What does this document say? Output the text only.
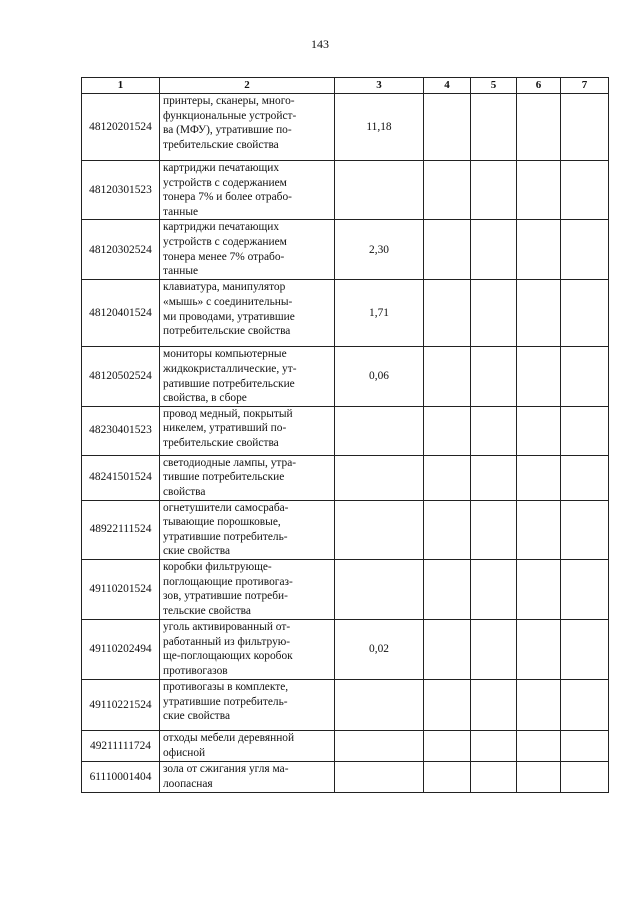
143
1	2	3	4	5	6	7
48120201524	принтеры, сканеры, много-
функциональные устройст-
ва (МФУ), утратившие по-
требительские свойства	11,18				
48120301523	картриджи печатающих
устройств с содержанием
тонера 7% и более отрабо-
танные					
48120302524	картриджи печатающих
устройств с содержанием
тонера менее 7% отрабо-
танные	2,30				
48120401524	клавиатура, манипулятор
«мышь» с соединительны-
ми проводами, утратившие
потребительские свойства	1,71				
48120502524	мониторы компьютерные
жидкокристаллические, ут-
ратившие потребительские
свойства, в сборе	0,06				
48230401523	провод медный, покрытый
никелем, утративший по-
требительские свойства					
48241501524	светодиодные лампы, утра-
тившие потребительские
свойства					
48922111524	огнетушители самосраба-
тывающие порошковые,
утратившие потребитель-
ские свойства					
49110201524	коробки фильтрующе-
поглощающие противогаз-
зов, утратившие потреби-
тельские свойства					
49110202494	уголь активированный от-
работанный из фильтрую-
ще-поглощающих коробок
противогазов	0,02				
49110221524	противогазы в комплекте,
утратившие потребитель-
ские свойства					
49211111724	отходы мебели деревянной
офисной					
61110001404	зола от сжигания угля ма-
лоопасная					
